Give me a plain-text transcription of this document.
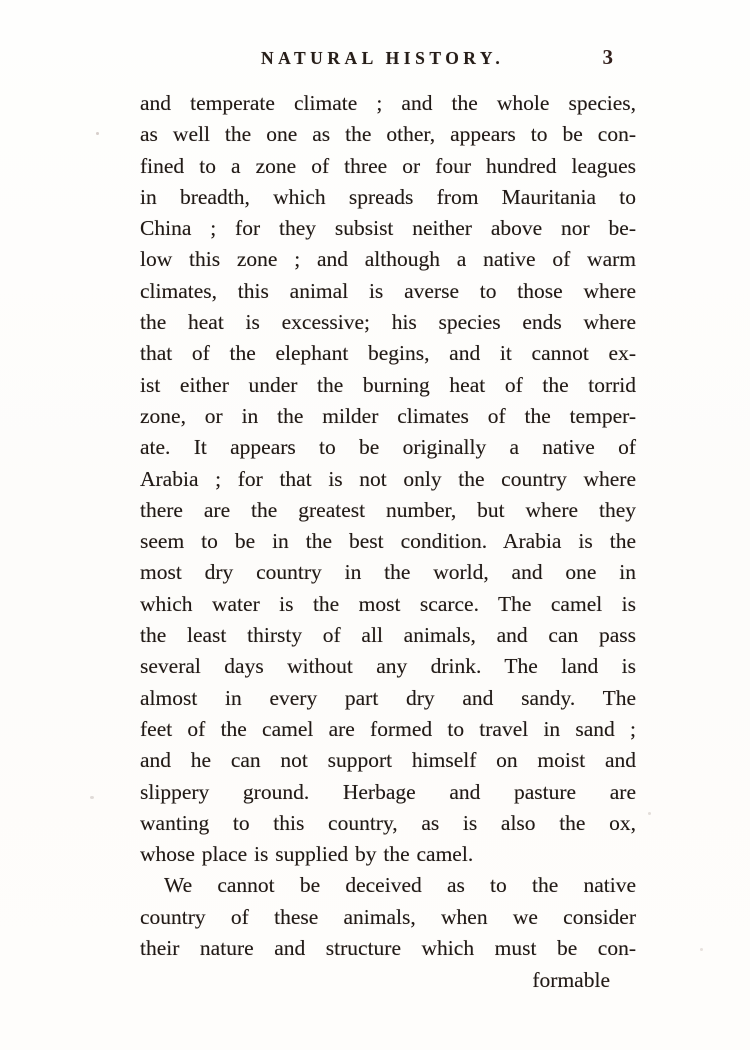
NATURAL HISTORY.	3
and temperate climate ; and the whole species,
as well the one as the other, appears to be con-
fined to a zone of three or four hundred leagues
in breadth, which spreads from Mauritania to
China ; for they subsist neither above nor be-
low this zone ; and although a native of warm
climates, this animal is averse to those where
the heat is excessive; his species ends where
that of the elephant begins, and it cannot ex-
ist either under the burning heat of the torrid
zone, or in the milder climates of the temper-
ate. It appears to be originally a native of
Arabia ; for that is not only the country where
there are the greatest number, but where they
seem to be in the best condition. Arabia is the
most dry country in the world, and one in
which water is the most scarce. The camel is
the least thirsty of all animals, and can pass
several days without any drink. The land is
almost in every part dry and sandy. The
feet of the camel are formed to travel in sand ;
and he can not support himself on moist and
slippery ground. Herbage and pasture are
wanting to this country, as is also the ox,
whose place is supplied by the camel.
We cannot be deceived as to the native
country of these animals, when we consider
their nature and structure which must be con-
formable
